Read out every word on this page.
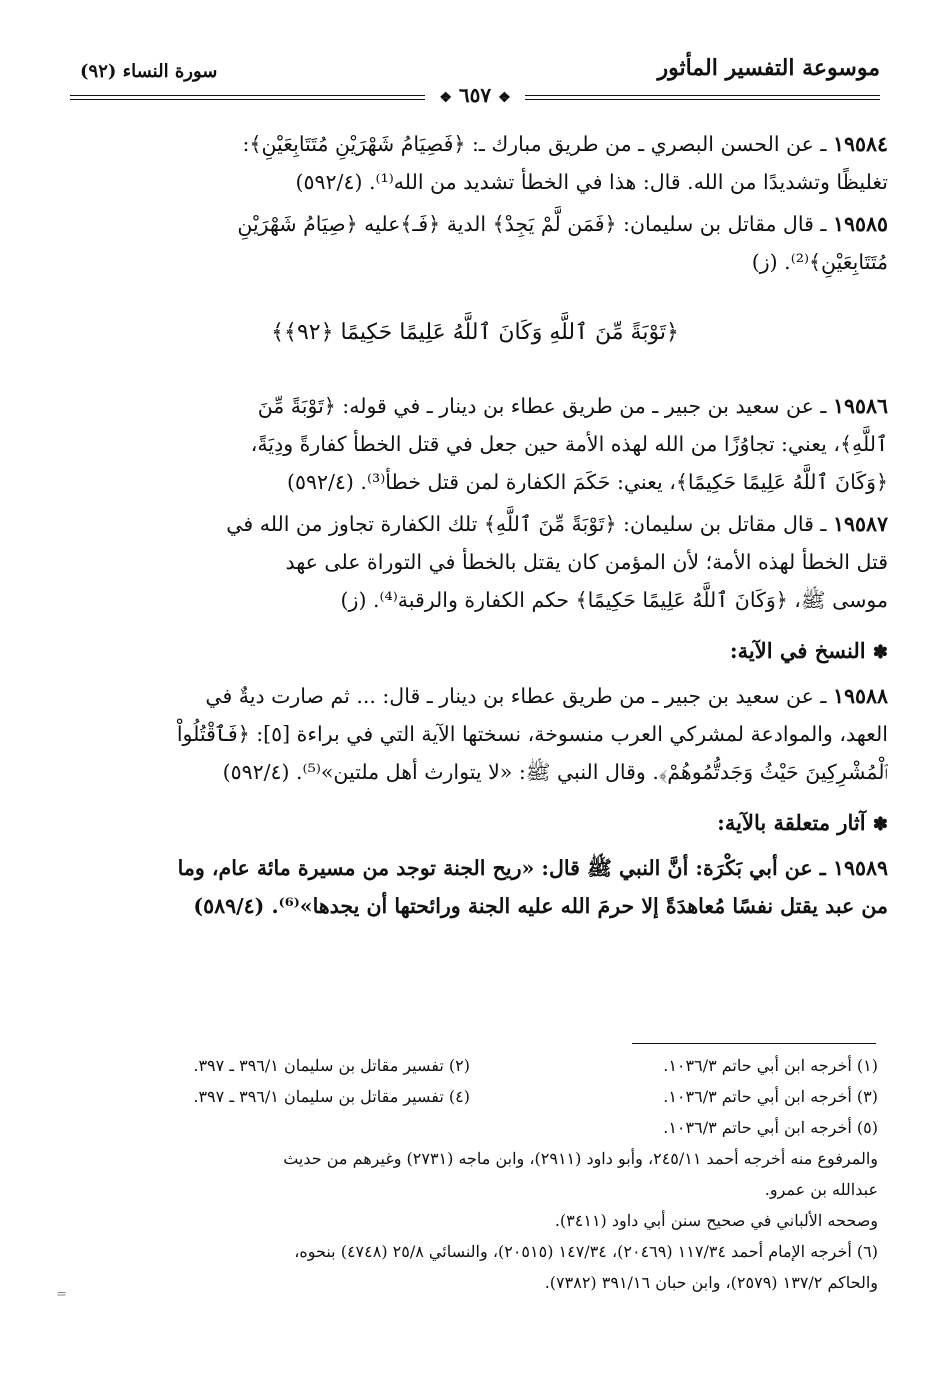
موسوعة التفسير المأثور
سورة النساء (٩٢)
❖ ٦٥٧ ❖
١٩٥٨٤ ـ عن الحسن البصري ـ من طريق مبارك ـ: ﴿فَصِيَامُ شَهْرَيْنِ مُتَتَابِعَيْنِ﴾:
تغليظًا وتشديدًا من الله. قال: هذا في الخطأ تشديد من الله⁽¹⁾. (٥٩٢/٤)
١٩٥٨٥ ـ قال مقاتل بن سليمان: ﴿فَمَن لَّمْ يَجِدْ﴾ الدية ﴿فَـ﴾عليه ﴿صِيَامُ شَهْرَيْنِ
مُتَتَابِعَيْنِ﴾⁽²⁾. (ز)
﴿تَوْبَةً مِّنَ ٱللَّهِ وَكَانَ ٱللَّهُ عَلِيمًا حَكِيمًا ﴿٩٢﴾﴾
١٩٥٨٦ ـ عن سعيد بن جبير ـ من طريق عطاء بن دينار ـ في قوله: ﴿تَوْبَةً مِّنَ
ٱللَّهِ﴾، يعني: تجاوُزًا من الله لهذه الأمة حين جعل في قتل الخطأ كفارةً ودِيَةً،
﴿وَكَانَ ٱللَّهُ عَلِيمًا حَكِيمًا﴾، يعني: حَكَمَ الكفارة لمن قتل خطأ⁽³⁾. (٥٩٢/٤)
١٩٥٨٧ ـ قال مقاتل بن سليمان: ﴿تَوْبَةً مِّنَ ٱللَّهِ﴾ تلك الكفارة تجاوز من الله في
قتل الخطأ لهذه الأمة؛ لأن المؤمن كان يقتل بالخطأ في التوراة على عهد
موسى ﷺ، ﴿وَكَانَ ٱللَّهُ عَلِيمًا حَكِيمًا﴾ حكم الكفارة والرقبة⁽⁴⁾. (ز)
✽ النسخ في الآية:
١٩٥٨٨ ـ عن سعيد بن جبير ـ من طريق عطاء بن دينار ـ قال: ... ثم صارت ديةٌ في
العهد، والموادعة لمشركي العرب منسوخة، نسختها الآية التي في براءة [٥]: ﴿فَٱقْتُلُواْ
ٱلْمُشْرِكِينَ حَيْثُ وَجَدتُّمُوهُمْ﴾. وقال النبي ﷺ: «لا يتوارث أهل ملتين»⁽⁵⁾. (٥٩٢/٤)
✽ آثار متعلقة بالآية:
١٩٥٨٩ ـ عن أبي بَكْرَة: أنَّ النبي ﷺ قال: «ريح الجنة توجد من مسيرة مائة عام، وما
من عبد يقتل نفسًا مُعاهدَةً إلا حرمَ الله عليه الجنة ورائحتها أن يجدها»⁽⁶⁾. (٥٨٩/٤)
(١) أخرجه ابن أبي حاتم ١٠٣٦/٣.
(٢) تفسير مقاتل بن سليمان ٣٩٦/١ ـ ٣٩٧.
(٣) أخرجه ابن أبي حاتم ١٠٣٦/٣.
(٤) تفسير مقاتل بن سليمان ٣٩٦/١ ـ ٣٩٧.
(٥) أخرجه ابن أبي حاتم ١٠٣٦/٣.
والمرفوع منه أخرجه أحمد ٢٤٥/١١، وأبو داود (٢٩١١)، وابن ماجه (٢٧٣١) وغيرهم من حديث
عبدالله بن عمرو.
وصححه الألباني في صحيح سنن أبي داود (٣٤١١).
(٦) أخرجه الإمام أحمد ١١٧/٣٤ (٢٠٤٦٩)، ١٤٧/٣٤ (٢٠٥١٥)، والنسائي ٢٥/٨ (٤٧٤٨) بنحوه،
والحاكم ١٣٧/٢ (٢٥٧٩)، وابن حبان ٣٩١/١٦ (٧٣٨٢).
=
